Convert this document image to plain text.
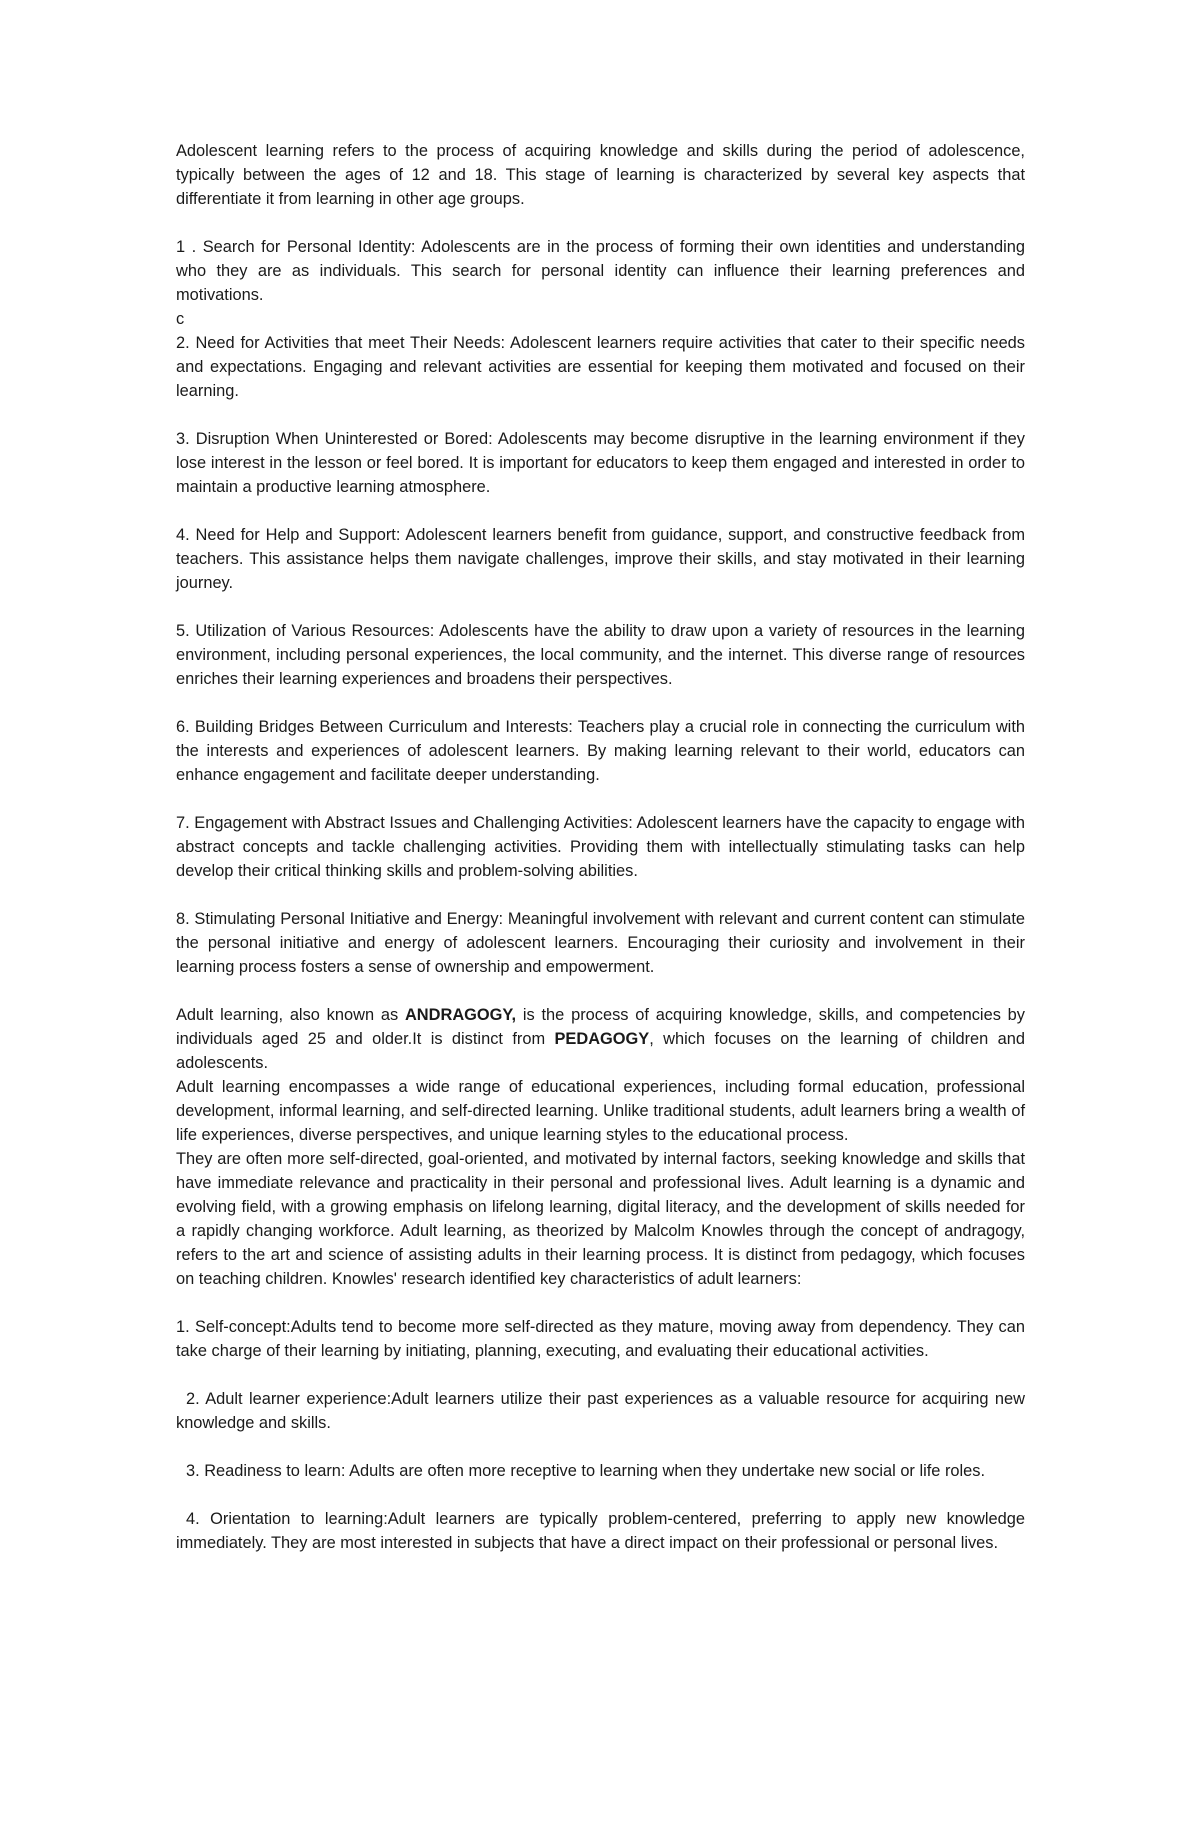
Adolescent learning refers to the process of acquiring knowledge and skills during the period of adolescence, typically between the ages of 12 and 18. This stage of learning is characterized by several key aspects that differentiate it from learning in other age groups.

1 . Search for Personal Identity: Adolescents are in the process of forming their own identities and understanding who they are as individuals. This search for personal identity can influence their learning preferences and motivations.

c

2. Need for Activities that meet Their Needs: Adolescent learners require activities that cater to their specific needs and expectations. Engaging and relevant activities are essential for keeping them motivated and focused on their learning.

3. Disruption When Uninterested or Bored: Adolescents may become disruptive in the learning environment if they lose interest in the lesson or feel bored. It is important for educators to keep them engaged and interested in order to maintain a productive learning atmosphere.

4. Need for Help and Support: Adolescent learners benefit from guidance, support, and constructive feedback from teachers. This assistance helps them navigate challenges, improve their skills, and stay motivated in their learning journey.

5. Utilization of Various Resources: Adolescents have the ability to draw upon a variety of resources in the learning environment, including personal experiences, the local community, and the internet. This diverse range of resources enriches their learning experiences and broadens their perspectives.

6. Building Bridges Between Curriculum and Interests: Teachers play a crucial role in connecting the curriculum with the interests and experiences of adolescent learners. By making learning relevant to their world, educators can enhance engagement and facilitate deeper understanding.

7. Engagement with Abstract Issues and Challenging Activities: Adolescent learners have the capacity to engage with abstract concepts and tackle challenging activities. Providing them with intellectually stimulating tasks can help develop their critical thinking skills and problem-solving abilities.

8. Stimulating Personal Initiative and Energy: Meaningful involvement with relevant and current content can stimulate the personal initiative and energy of adolescent learners. Encouraging their curiosity and involvement in their learning process fosters a sense of ownership and empowerment.

Adult learning, also known as ANDRAGOGY, is the process of acquiring knowledge, skills, and competencies by individuals aged 25 and older.It is distinct from PEDAGOGY, which focuses on the learning of children and adolescents.

Adult learning encompasses a wide range of educational experiences, including formal education, professional development, informal learning, and self-directed learning. Unlike traditional students, adult learners bring a wealth of life experiences, diverse perspectives, and unique learning styles to the educational process.

They are often more self-directed, goal-oriented, and motivated by internal factors, seeking knowledge and skills that have immediate relevance and practicality in their personal and professional lives. Adult learning is a dynamic and evolving field, with a growing emphasis on lifelong learning, digital literacy, and the development of skills needed for a rapidly changing workforce. Adult learning, as theorized by Malcolm Knowles through the concept of andragogy, refers to the art and science of assisting adults in their learning process. It is distinct from pedagogy, which focuses on teaching children. Knowles' research identified key characteristics of adult learners:

1. Self-concept:Adults tend to become more self-directed as they mature, moving away from dependency. They can take charge of their learning by initiating, planning, executing, and evaluating their educational activities.

2. Adult learner experience:Adult learners utilize their past experiences as a valuable resource for acquiring new knowledge and skills.

3. Readiness to learn: Adults are often more receptive to learning when they undertake new social or life roles.

4. Orientation to learning:Adult learners are typically problem-centered, preferring to apply new knowledge immediately. They are most interested in subjects that have a direct impact on their professional or personal lives.
